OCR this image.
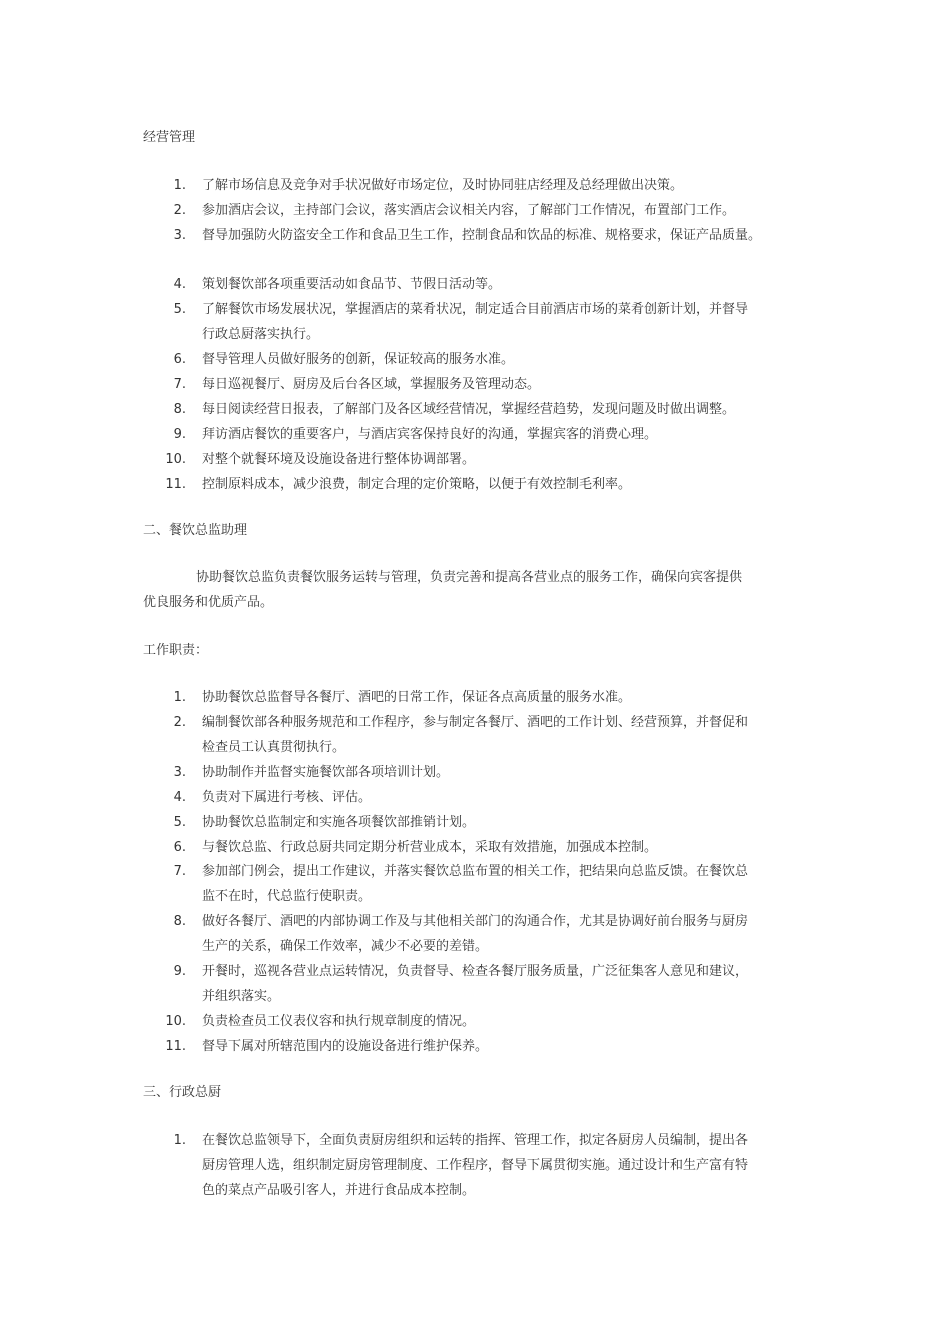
经营管理
1. 了解市场信息及竞争对手状况做好市场定位，及时协同驻店经理及总经理做出决策。
2. 参加酒店会议，主持部门会议，落实酒店会议相关内容，了解部门工作情况，布置部门工作。
3. 督导加强防火防盗安全工作和食品卫生工作，控制食品和饮品的标准、规格要求，保证产品质量。
4. 策划餐饮部各项重要活动如食品节、节假日活动等。
5. 了解餐饮市场发展状况，掌握酒店的菜肴状况，制定适合目前酒店市场的菜肴创新计划，并督导
行政总厨落实执行。
6. 督导管理人员做好服务的创新，保证较高的服务水准。
7. 每日巡视餐厅、厨房及后台各区域，掌握服务及管理动态。
8. 每日阅读经营日报表，了解部门及各区域经营情况，掌握经营趋势，发现问题及时做出调整。
9. 拜访酒店餐饮的重要客户，与酒店宾客保持良好的沟通，掌握宾客的消费心理。
10. 对整个就餐环境及设施设备进行整体协调部署。
11. 控制原料成本，减少浪费，制定合理的定价策略，以便于有效控制毛利率。
二、餐饮总监助理
协助餐饮总监负责餐饮服务运转与管理，负责完善和提高各营业点的服务工作，确保向宾客提供
优良服务和优质产品。
工作职责：
1. 协助餐饮总监督导各餐厅、酒吧的日常工作，保证各点高质量的服务水准。
2. 编制餐饮部各种服务规范和工作程序，参与制定各餐厅、酒吧的工作计划、经营预算，并督促和
检查员工认真贯彻执行。
3. 协助制作并监督实施餐饮部各项培训计划。
4. 负责对下属进行考核、评估。
5. 协助餐饮总监制定和实施各项餐饮部推销计划。
6. 与餐饮总监、行政总厨共同定期分析营业成本，采取有效措施，加强成本控制。
7. 参加部门例会，提出工作建议，并落实餐饮总监布置的相关工作，把结果向总监反馈。在餐饮总
监不在时，代总监行使职责。
8. 做好各餐厅、酒吧的内部协调工作及与其他相关部门的沟通合作，尤其是协调好前台服务与厨房
生产的关系，确保工作效率，减少不必要的差错。
9. 开餐时，巡视各营业点运转情况，负责督导、检查各餐厅服务质量，广泛征集客人意见和建议，
并组织落实。
10. 负责检查员工仪表仪容和执行规章制度的情况。
11. 督导下属对所辖范围内的设施设备进行维护保养。
三、行政总厨
1. 在餐饮总监领导下，全面负责厨房组织和运转的指挥、管理工作，拟定各厨房人员编制，提出各
厨房管理人选，组织制定厨房管理制度、工作程序，督导下属贯彻实施。通过设计和生产富有特
色的菜点产品吸引客人，并进行食品成本控制。
